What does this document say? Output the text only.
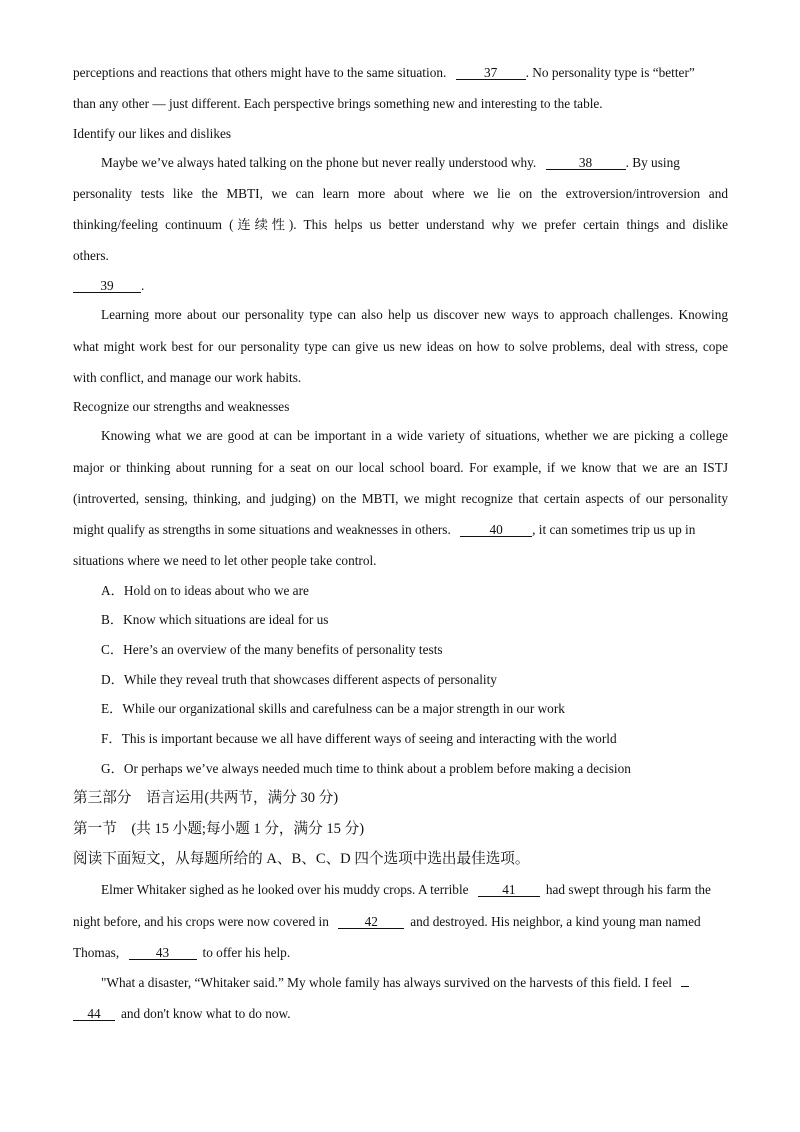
perceptions and reactions that others might have to the same situation.	37 . No personality type is “better”
than any other — just different. Each perspective brings something new and interesting to the table.
Identify our likes and dislikes
Maybe we’ve always hated talking on the phone but never really understood why.	38	. By using
personality tests like the MBTI, we can learn more about where we lie on the extroversion/introversion and
thinking/feeling continuum (连续性). This helps us better understand why we prefer certain things and dislike
others.
39 .
Learning more about our personality type can also help us discover new ways to approach challenges. Knowing
what might work best for our personality type can give us new ideas on how to solve problems, deal with stress, cope
with conflict, and manage our work habits.
Recognize our strengths and weaknesses
Knowing what we are good at can be important in a wide variety of situations, whether we are picking a college
major or thinking about running for a seat on our local school board. For example, if we know that we are an ISTJ
(introverted, sensing, thinking, and judging) on the MBTI, we might recognize that certain aspects of our personality
might qualify as strengths in some situations and weaknesses in others.	40 , it can sometimes trip us up in
situations where we need to let other people take control.
A．Hold on to ideas about who we are
B．Know which situations are ideal for us
C．Here’s an overview of the many benefits of personality tests
D．While they reveal truth that showcases different aspects of personality
E．While our organizational skills and carefulness can be a major strength in our work
F．This is important because we all have different ways of seeing and interacting with the world
G．Or perhaps we’ve always needed much time to think about a problem before making a decision
第三部分　语言运用(共两节，满分 30 分)
第一节　(共 15 小题;每小题 1 分，满分 15 分)
阅读下面短文，从每题所给的 A、B、C、D 四个选项中选出最佳选项。
Elmer Whitaker sighed as he looked over his muddy crops. A terrible	41 had swept through his farm the
night before, and his crops were now covered in	42 and destroyed. His neighbor, a kind young man named
Thomas,	43	to offer his help.
"What a disaster, “Whitaker said.” My whole family has always survived on the harvests of this field. I feel
44 and don't know what to do now.
